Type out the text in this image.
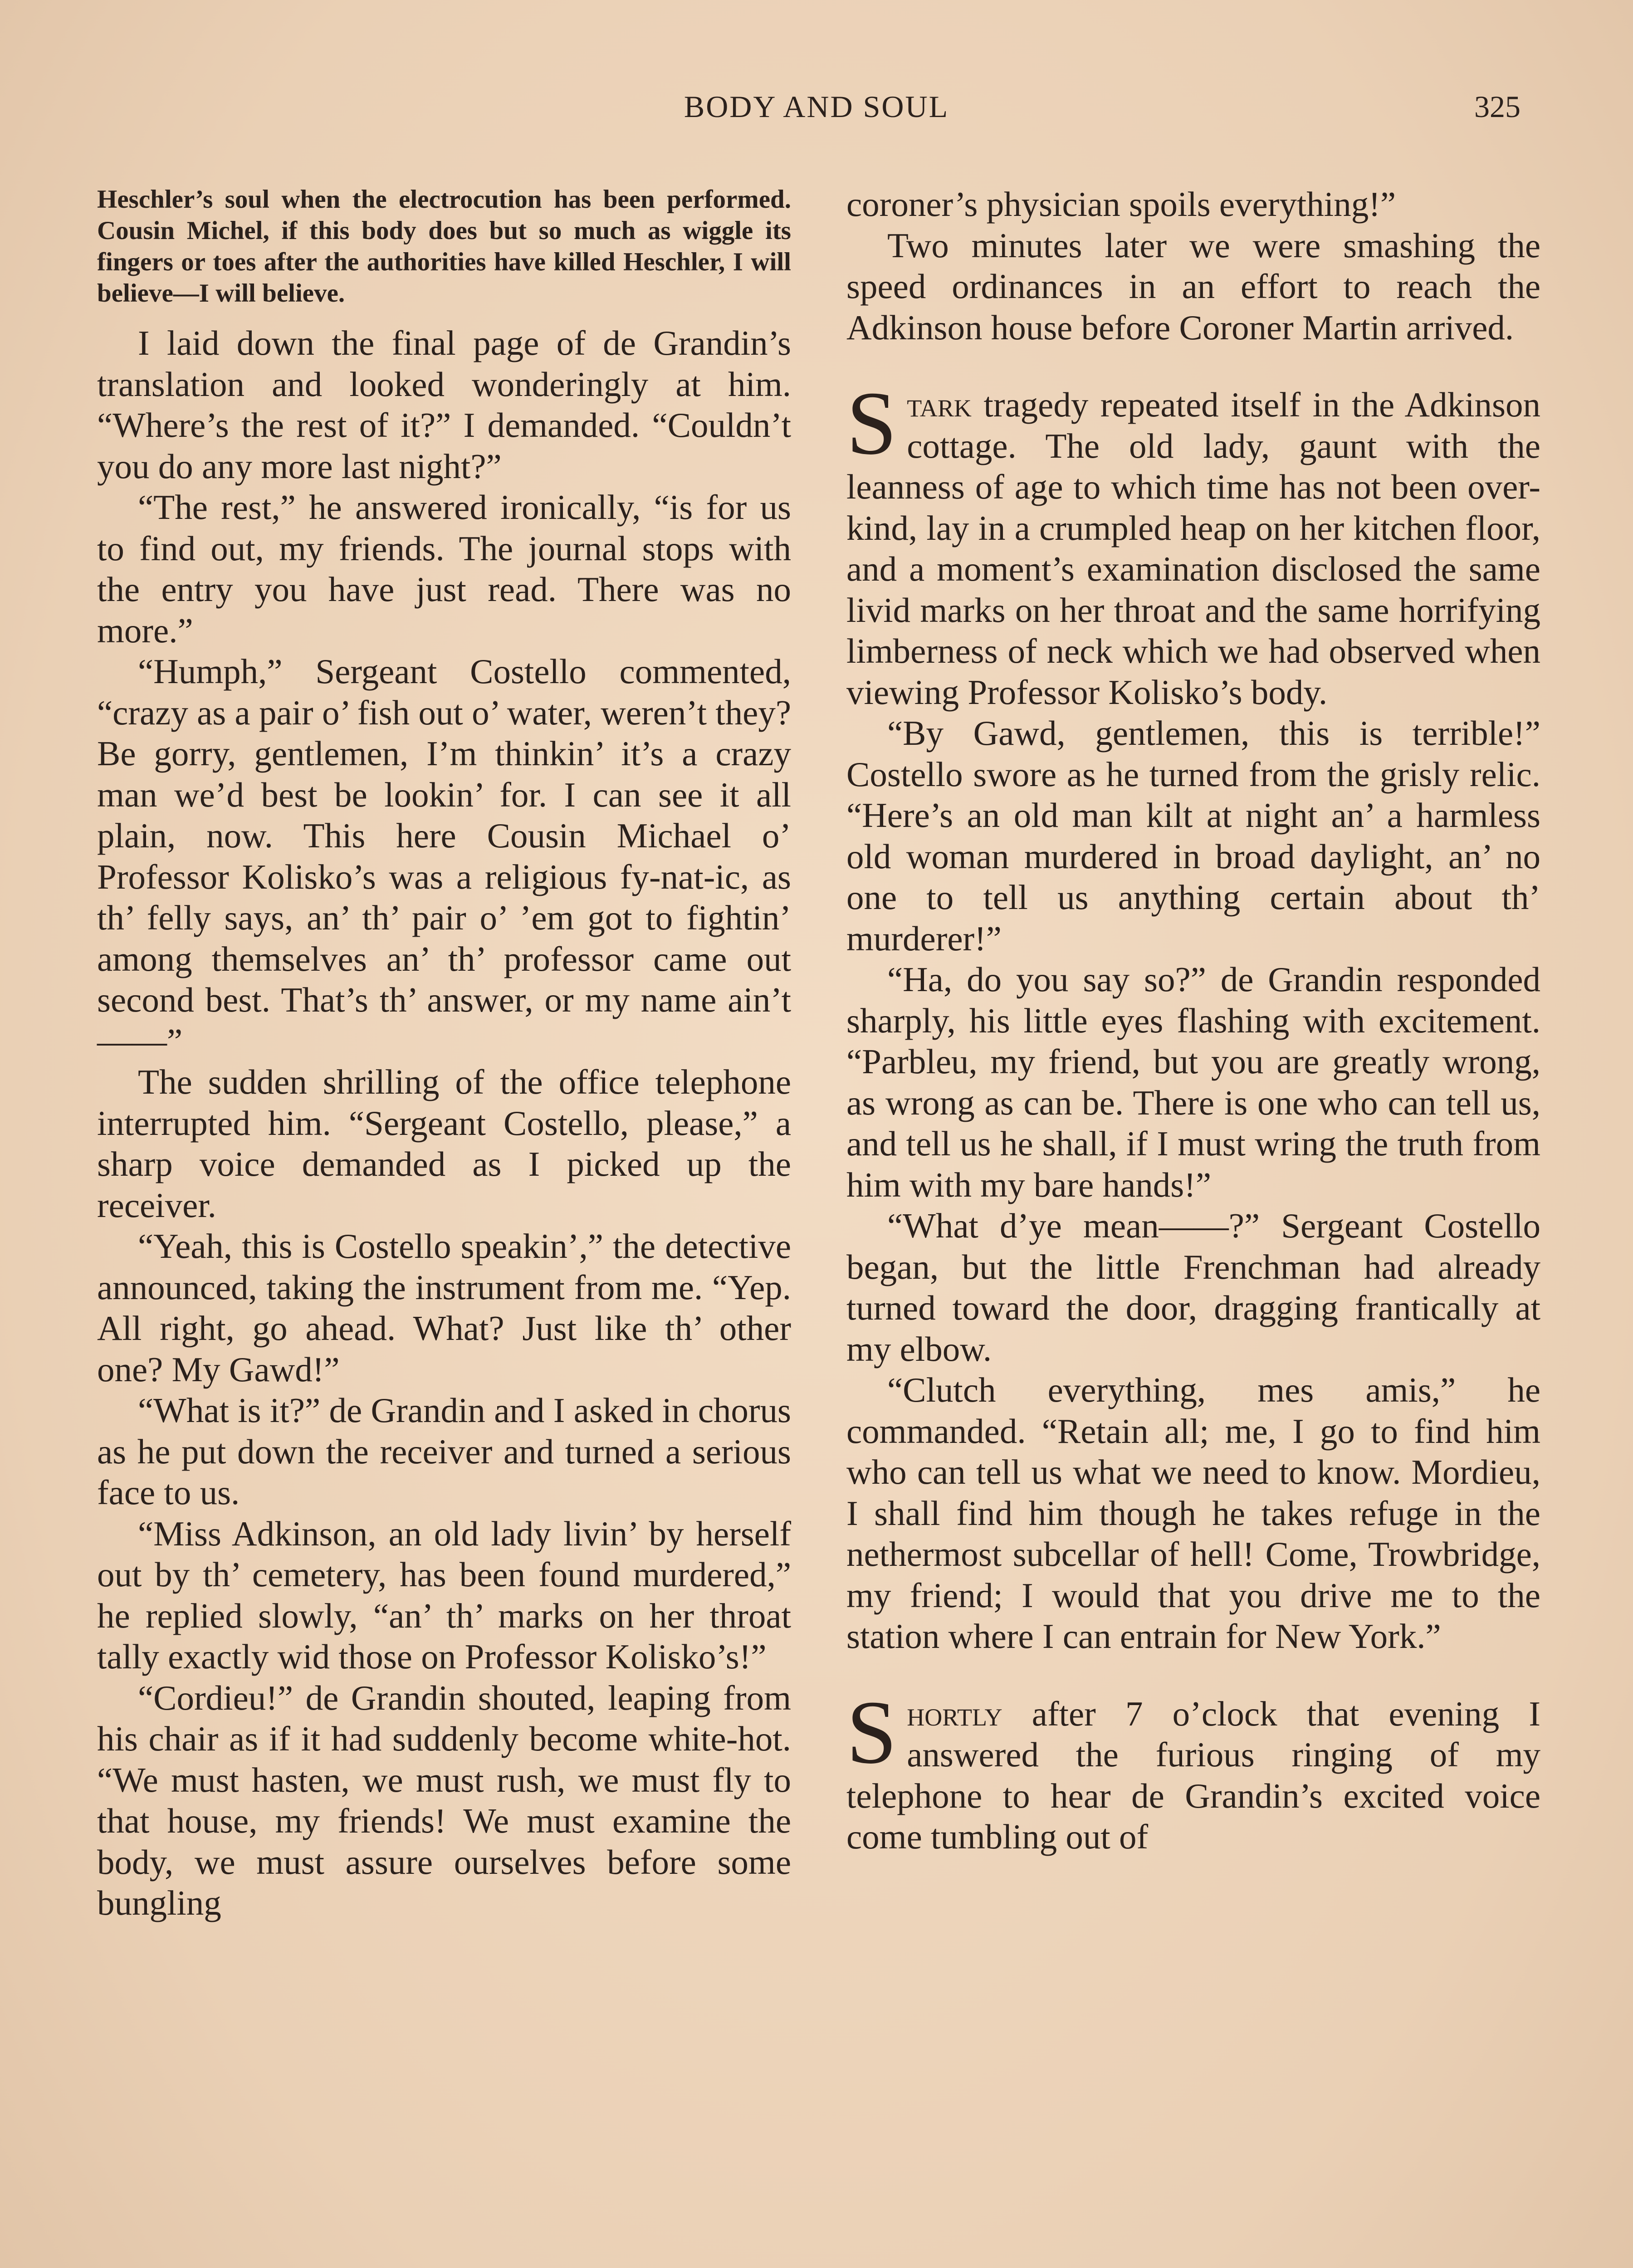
BODY AND SOUL	325

Heschler’s soul when the electrocution has been performed. Cousin Michel, if this body does but so much as wiggle its fingers or toes after the authorities have killed Heschler, I will believe—I will believe.

I laid down the final page of de Grandin’s translation and looked wonderingly at him. “Where’s the rest of it?” I demanded. “Couldn’t you do any more last night?”

“The rest,” he answered ironically, “is for us to find out, my friends. The journal stops with the entry you have just read. There was no more.”

“Humph,” Sergeant Costello commented, “crazy as a pair o’ fish out o’ water, weren’t they? Be gorry, gentlemen, I’m thinkin’ it’s a crazy man we’d best be lookin’ for. I can see it all plain, now. This here Cousin Michael o’ Professor Kolisko’s was a religious fy-nat-ic, as th’ felly says, an’ th’ pair o’ ’em got to fightin’ among themselves an’ th’ professor came out second best. That’s th’ answer, or my name ain’t——”

The sudden shrilling of the office telephone interrupted him. “Sergeant Costello, please,” a sharp voice demanded as I picked up the receiver.

“Yeah, this is Costello speakin’,” the detective announced, taking the instrument from me. “Yep. All right, go ahead. What? Just like th’ other one? My Gawd!”

“What is it?” de Grandin and I asked in chorus as he put down the receiver and turned a serious face to us.

“Miss Adkinson, an old lady livin’ by herself out by th’ cemetery, has been found murdered,” he replied slowly, “an’ th’ marks on her throat tally exactly wid those on Professor Kolisko’s!”

“Cordieu!” de Grandin shouted, leaping from his chair as if it had suddenly become white-hot. “We must hasten, we must rush, we must fly to that house, my friends! We must examine the body, we must assure ourselves before some bungling

coroner’s physician spoils everything!”

Two minutes later we were smashing the speed ordinances in an effort to reach the Adkinson house before Coroner Martin arrived.

Stark tragedy repeated itself in the Adkinson cottage. The old lady, gaunt with the leanness of age to which time has not been over-kind, lay in a crumpled heap on her kitchen floor, and a moment’s examination disclosed the same livid marks on her throat and the same horrifying limberness of neck which we had observed when viewing Professor Kolisko’s body.

“By Gawd, gentlemen, this is terrible!” Costello swore as he turned from the grisly relic. “Here’s an old man kilt at night an’ a harmless old woman murdered in broad daylight, an’ no one to tell us anything certain about th’ murderer!”

“Ha, do you say so?” de Grandin responded sharply, his little eyes flashing with excitement. “Parbleu, my friend, but you are greatly wrong, as wrong as can be. There is one who can tell us, and tell us he shall, if I must wring the truth from him with my bare hands!”

“What d’ye mean——?” Sergeant Costello began, but the little Frenchman had already turned toward the door, dragging frantically at my elbow.

“Clutch everything, mes amis,” he commanded. “Retain all; me, I go to find him who can tell us what we need to know. Mordieu, I shall find him though he takes refuge in the nethermost subcellar of hell! Come, Trowbridge, my friend; I would that you drive me to the station where I can entrain for New York.”

Shortly after 7 o’clock that evening I answered the furious ringing of my telephone to hear de Grandin’s excited voice come tumbling out of
